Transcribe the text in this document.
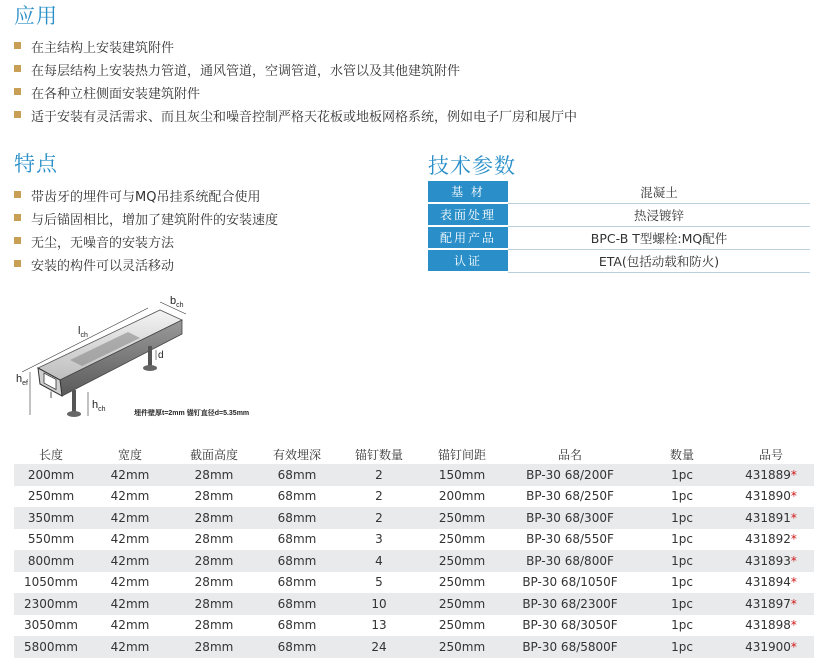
应用
在主结构上安装建筑附件
在每层结构上安装热力管道，通风管道，空调管道，水管以及其他建筑附件
在各种立柱侧面安装建筑附件
适于安装有灵活需求、而且灰尘和噪音控制严格天花板或地板网格系统，例如电子厂房和展厅中
特点
带齿牙的埋件可与MQ吊挂系统配合使用
与后锚固相比，增加了建筑附件的安装速度
无尘，无噪音的安装方法
安装的构件可以灵活移动
技术参数
基 材	混凝土
表面处理	热浸镀锌
配用产品	BPC-B T型螺栓:MQ配件
认证	ETA(包括动载和防火)
$b_{ch}$
$l_{ch}$
$h_{ef}$
$h_{ch}$
d
l
埋件壁厚t=2mm 锚钉直径d=5.35mm
长度	宽度	截面高度	有效埋深	锚钉数量	锚钉间距	品名	数量	品号
200mm	42mm	28mm	68mm	2	150mm	BP-30 68/200F	1pc	431889*
250mm	42mm	28mm	68mm	2	200mm	BP-30 68/250F	1pc	431890*
350mm	42mm	28mm	68mm	2	250mm	BP-30 68/300F	1pc	431891*
550mm	42mm	28mm	68mm	3	250mm	BP-30 68/550F	1pc	431892*
800mm	42mm	28mm	68mm	4	250mm	BP-30 68/800F	1pc	431893*
1050mm	42mm	28mm	68mm	5	250mm	BP-30 68/1050F	1pc	431894*
2300mm	42mm	28mm	68mm	10	250mm	BP-30 68/2300F	1pc	431897*
3050mm	42mm	28mm	68mm	13	250mm	BP-30 68/3050F	1pc	431898*
5800mm	42mm	28mm	68mm	24	250mm	BP-30 68/5800F	1pc	431900*
